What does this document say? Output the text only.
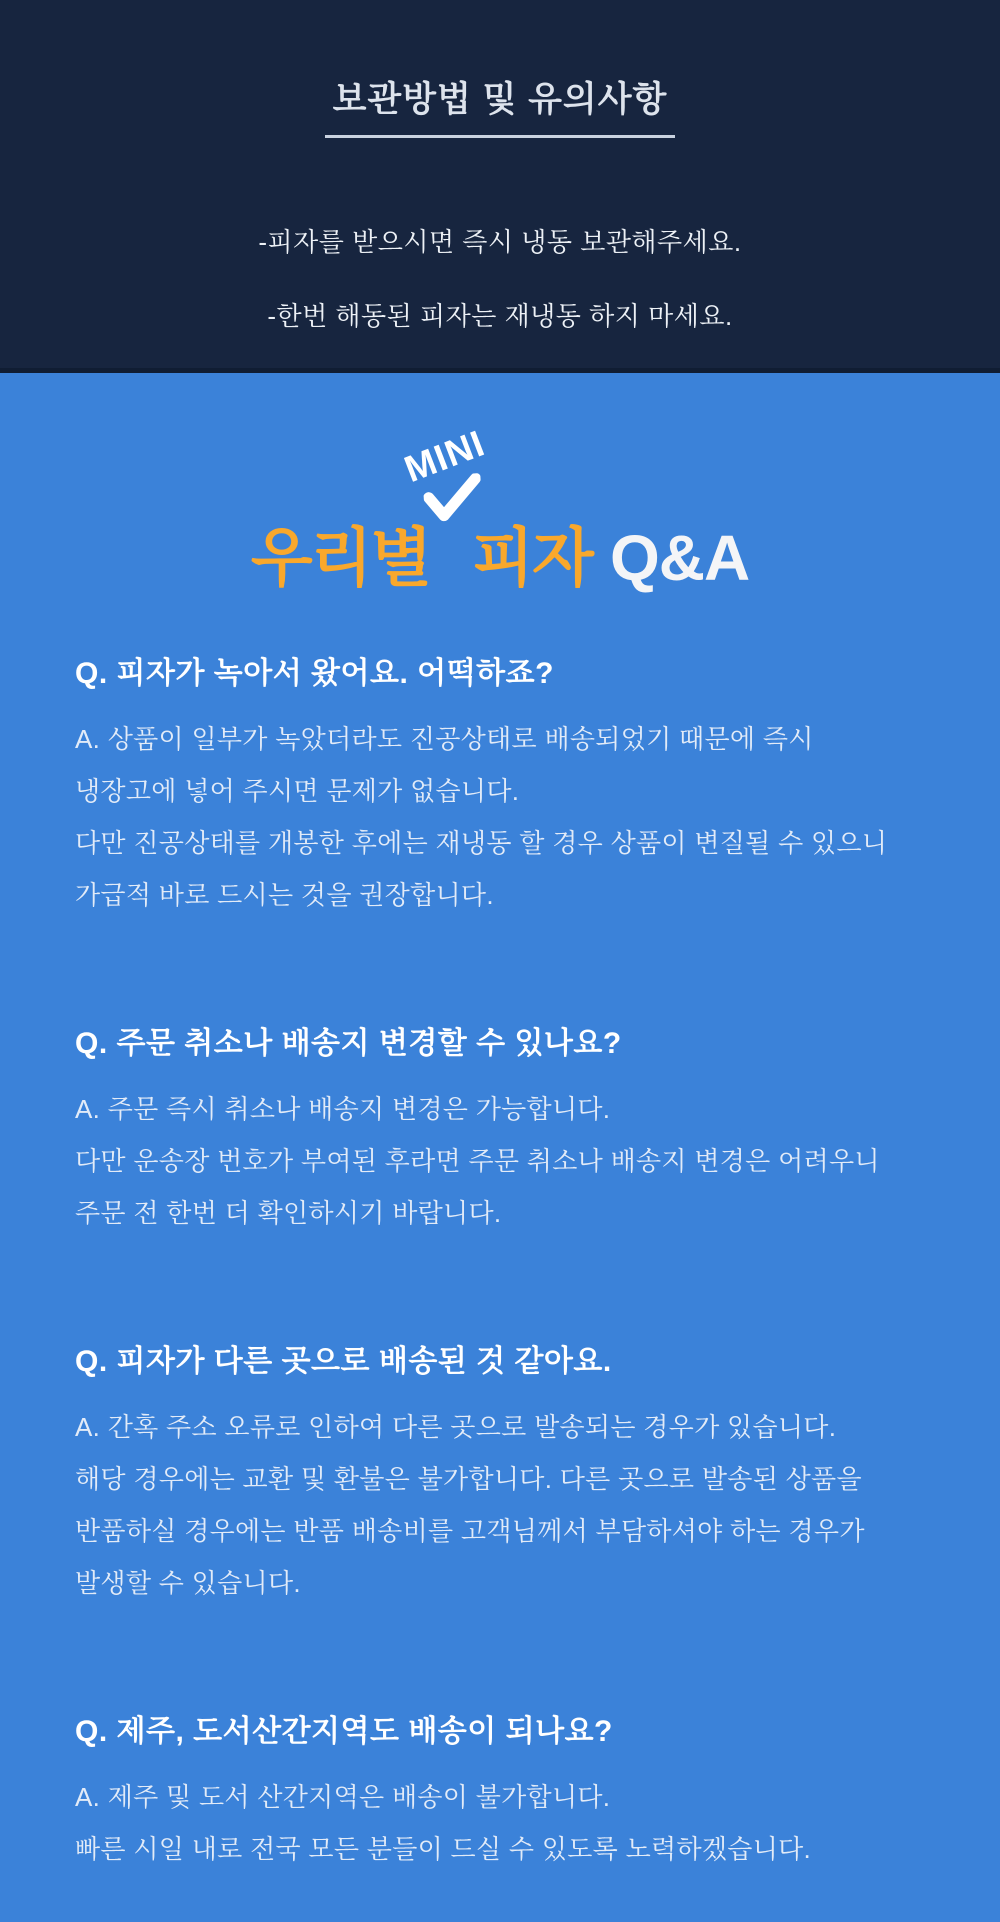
보관방법 및 유의사항
-피자를 받으시면 즉시 냉동 보관해주세요.
-한번 해동된 피자는 재냉동 하지 마세요.
MINI
우리별 피자 Q&A
Q. 피자가 녹아서 왔어요. 어떡하죠?
A. 상품이 일부가 녹았더라도 진공상태로 배송되었기 때문에 즉시
냉장고에 넣어 주시면 문제가 없습니다.
다만 진공상태를 개봉한 후에는 재냉동 할 경우 상품이 변질될 수 있으니
가급적 바로 드시는 것을 권장합니다.
Q. 주문 취소나 배송지 변경할 수 있나요?
A. 주문 즉시 취소나 배송지 변경은 가능합니다.
다만 운송장 번호가 부여된 후라면 주문 취소나 배송지 변경은 어려우니
주문 전 한번 더 확인하시기 바랍니다.
Q. 피자가 다른 곳으로 배송된 것 같아요.
A. 간혹 주소 오류로 인하여 다른 곳으로 발송되는 경우가 있습니다.
해당 경우에는 교환 및 환불은 불가합니다. 다른 곳으로 발송된 상품을
반품하실 경우에는 반품 배송비를 고객님께서 부담하셔야 하는 경우가
발생할 수 있습니다.
Q. 제주, 도서산간지역도 배송이 되나요?
A. 제주 및 도서 산간지역은 배송이 불가합니다.
빠른 시일 내로 전국 모든 분들이 드실 수 있도록 노력하겠습니다.
